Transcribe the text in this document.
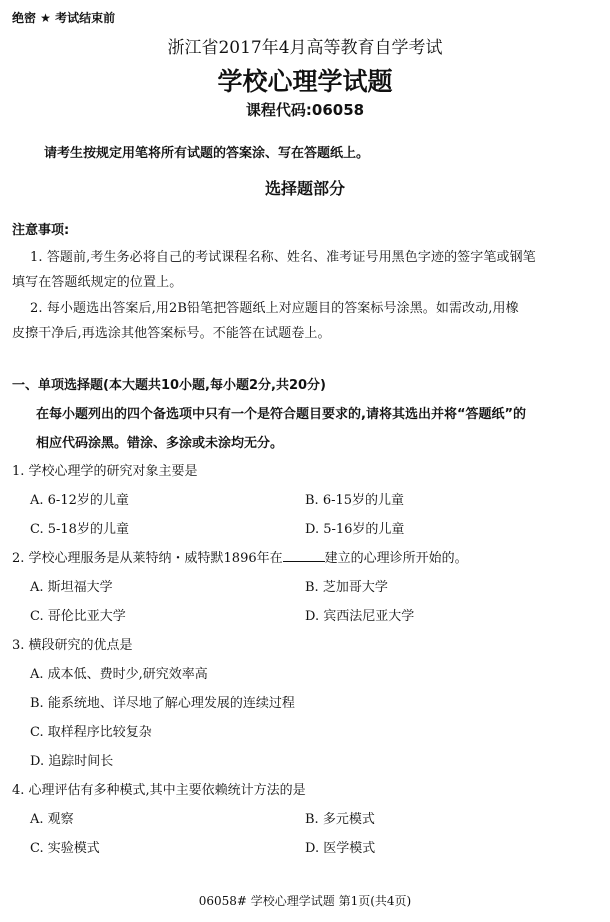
绝密 ★ 考试结束前
浙江省2017年4月高等教育自学考试
学校心理学试题
课程代码:06058
请考生按规定用笔将所有试题的答案涂、写在答题纸上。
选择题部分
注意事项:
1. 答题前,考生务必将自己的考试课程名称、姓名、准考证号用黑色字迹的签字笔或钢笔
填写在答题纸规定的位置上。
2. 每小题选出答案后,用2B铅笔把答题纸上对应题目的答案标号涂黑。如需改动,用橡
皮擦干净后,再选涂其他答案标号。不能答在试题卷上。
一、单项选择题(本大题共10小题,每小题2分,共20分)
在每小题列出的四个备选项中只有一个是符合题目要求的,请将其选出并将“答题纸”的
相应代码涂黑。错涂、多涂或未涂均无分。
1. 学校心理学的研究对象主要是
A. 6-12岁的儿童	B. 6-15岁的儿童
C. 5-18岁的儿童	D. 5-16岁的儿童
2. 学校心理服务是从莱特纳・威特默1896年在	建立的心理诊所开始的。
A. 斯坦福大学	B. 芝加哥大学
C. 哥伦比亚大学	D. 宾西法尼亚大学
3. 横段研究的优点是
A. 成本低、费时少,研究效率高
B. 能系统地、详尽地了解心理发展的连续过程
C. 取样程序比较复杂
D. 追踪时间长
4. 心理评估有多种模式,其中主要依赖统计方法的是
A. 观察	B. 多元模式
C. 实验模式	D. 医学模式
06058# 学校心理学试题 第1页(共4页)
